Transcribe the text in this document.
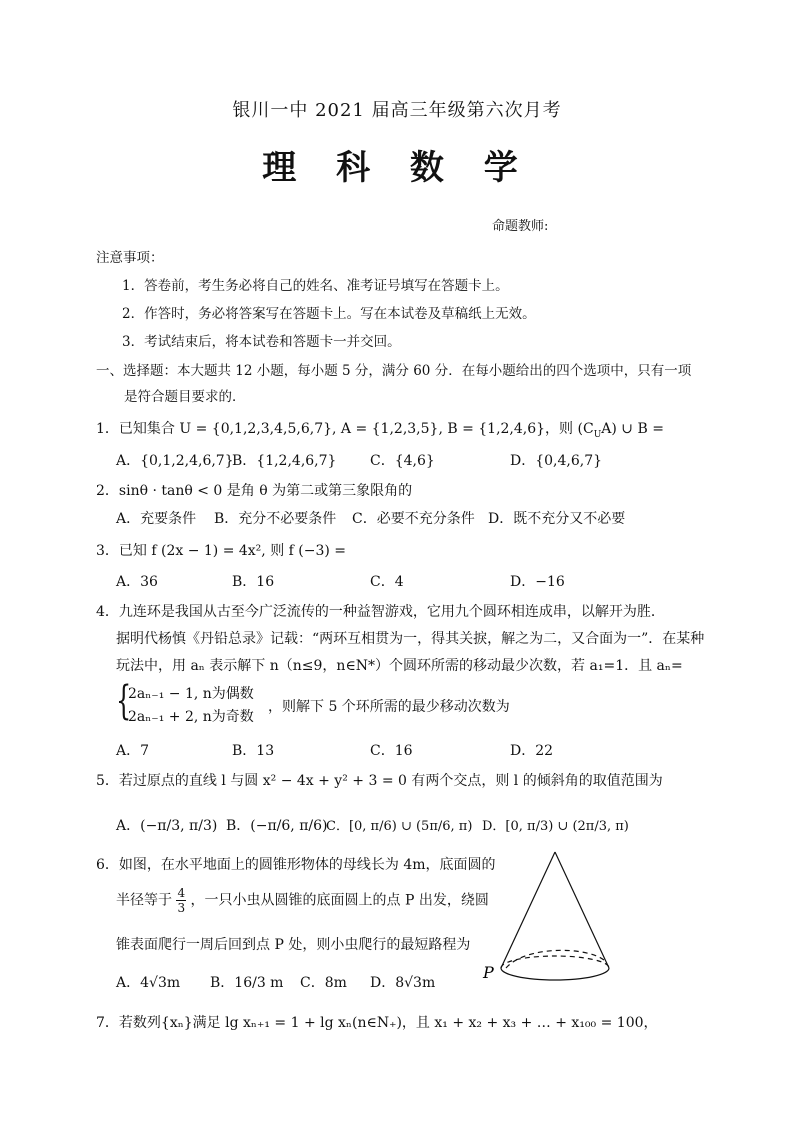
银川一中 2021 届高三年级第六次月考
理 科 数 学
命题教师:
注意事项：
1．答卷前，考生务必将自己的姓名、准考证号填写在答题卡上。
2．作答时，务必将答案写在答题卡上。写在本试卷及草稿纸上无效。
3．考试结束后，将本试卷和答题卡一并交回。
一、选择题：本大题共 12 小题，每小题 5 分，满分 60 分．在每小题给出的四个选项中，只有一项
是符合题目要求的．
1．已知集合 U = {0,1,2,3,4,5,6,7}, A = {1,2,3,5}, B = {1,2,4,6}，则 $(C_UA)$ ∪ B =
A．{0,1,2,4,6,7}
B．{1,2,4,6,7} C．{4,6}	D．{0,4,6,7}
2．sinθ · tanθ < 0 是角 θ 为第二或第三象限角的
A．充要条件 B．充分不必要条件 C．必要不充分条件 D．既不充分又不必要
3．已知 f (2x − 1) = 4x², 则 f (−3) =
A．36	B．16	C．4	D．−16
4．九连环是我国从古至今广泛流传的一种益智游戏，它用九个圆环相连成串，以解开为胜．
据明代杨慎《丹铅总录》记载：“两环互相贯为一，得其关捩，解之为二，又合面为一”．在某种
玩法中，用 aₙ 表示解下 n（n≤9，n∈N*）个圆环所需的移动最少次数，若 a₁=1．且 aₙ=
{
2aₙ₋₁ − 1, n为偶数
2aₙ₋₁ + 2, n为奇数
，则解下 5 个环所需的最少移动次数为
A．7	B．13	C．16	D．22
5．若过原点的直线 l 与圆 x² − 4x + y² + 3 = 0 有两个交点，则 l 的倾斜角的取值范围为
A．(−π/3, π/3) B．(−π/6, π/6)
C．[0, π/6) ∪ (5π/6, π) D．[0, π/3) ∪ (2π/3, π)
6．如图，在水平地面上的圆锥形物体的母线长为 4m，底面圆的
半径等于 $\frac{4}{3}$ ，一只小虫从圆锥的底面圆上的点 P 出发，绕圆
锥表面爬行一周后回到点 P 处，则小虫爬行的最短路程为
A．4√3m B．16/3 m C．8m D．8√3m
P
7．若数列{xₙ}满足 lg xₙ₊₁ = 1 + lg xₙ(n∈N₊)，且 x₁ + x₂ + x₃ + … + x₁₀₀ = 100，
